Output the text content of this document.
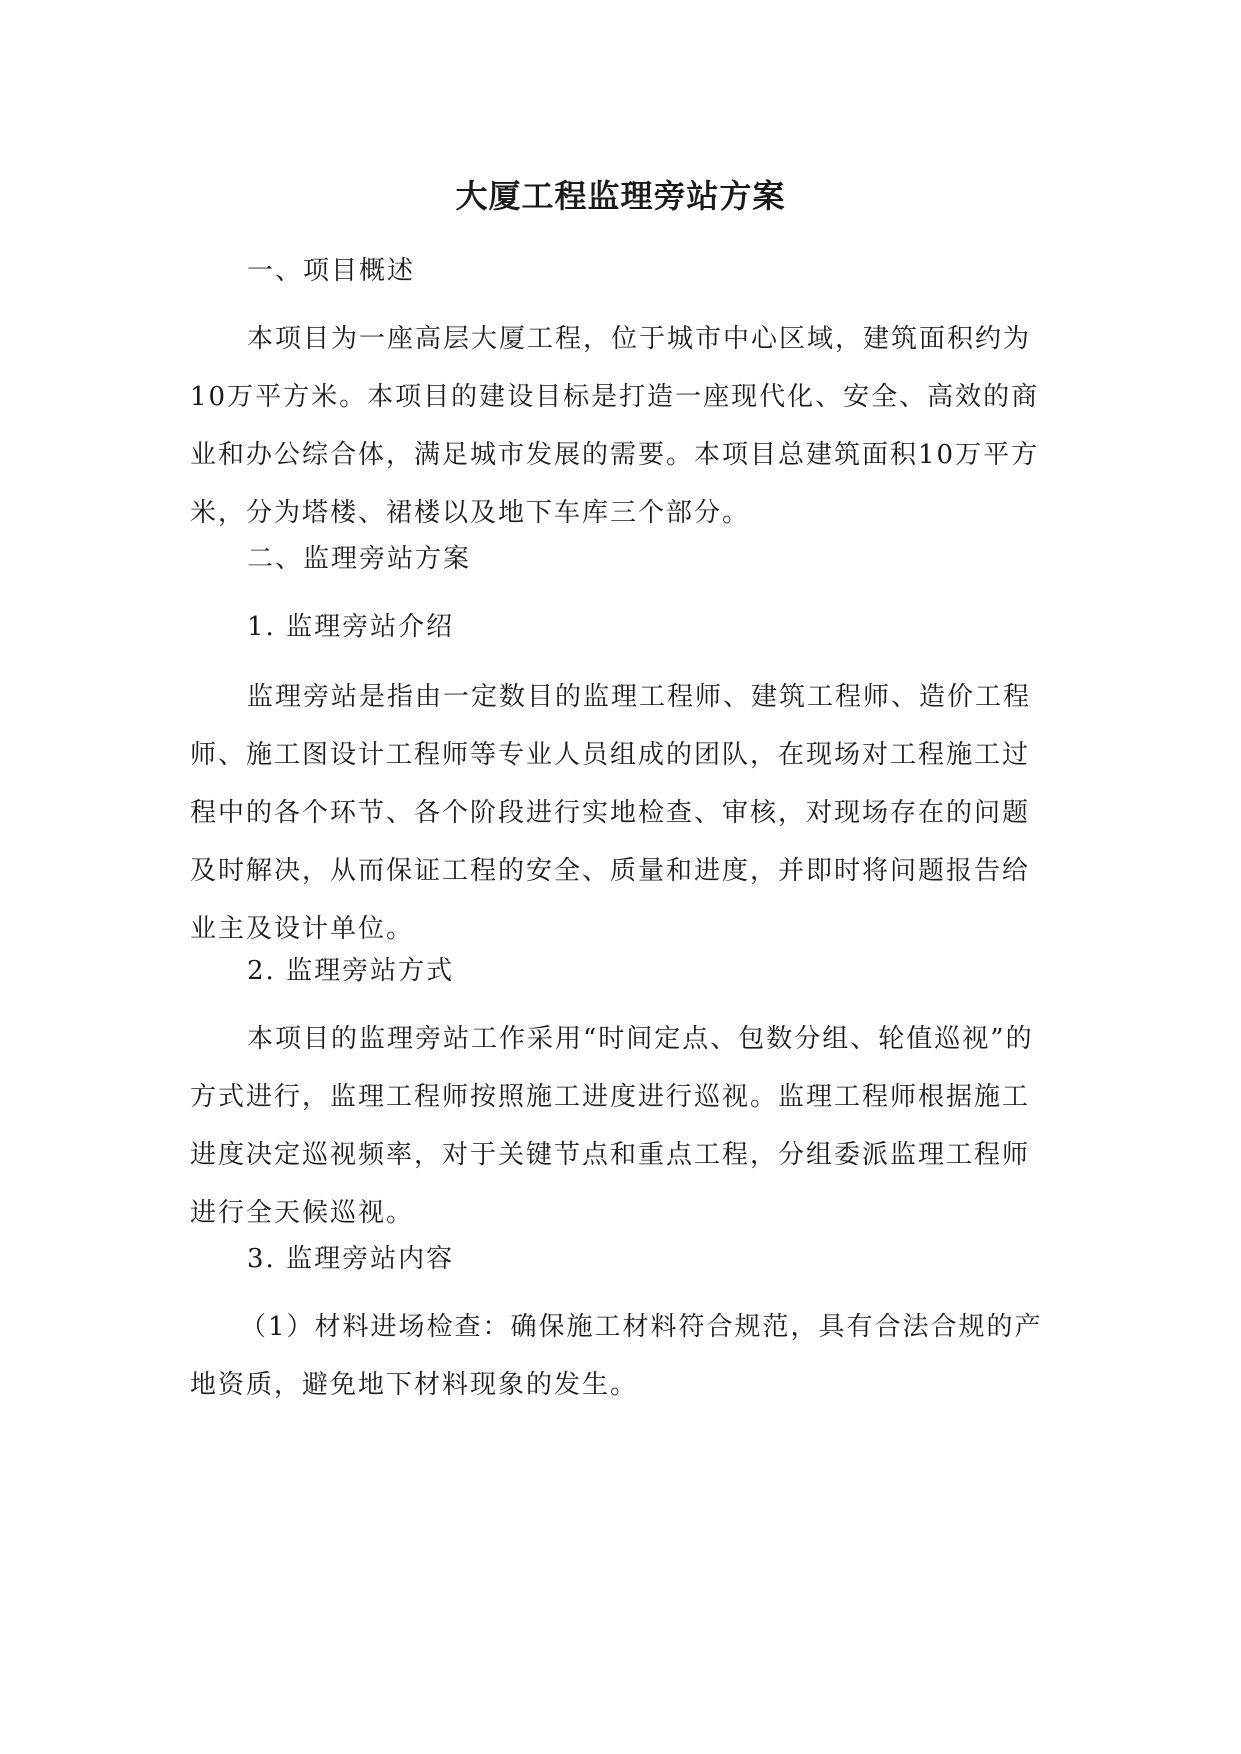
大厦工程监理旁站方案

一、项目概述

本项目为一座高层大厦工程，位于城市中心区域，建筑面积约为10万平方米。本项目的建设目标是打造一座现代化、安全、高效的商业和办公综合体，满足城市发展的需要。本项目总建筑面积10万平方米，分为塔楼、裙楼以及地下车库三个部分。

二、监理旁站方案

1. 监理旁站介绍

监理旁站是指由一定数目的监理工程师、建筑工程师、造价工程师、施工图设计工程师等专业人员组成的团队，在现场对工程施工过程中的各个环节、各个阶段进行实地检查、审核，对现场存在的问题及时解决，从而保证工程的安全、质量和进度，并即时将问题报告给业主及设计单位。

2. 监理旁站方式

本项目的监理旁站工作采用“时间定点、包数分组、轮值巡视”的方式进行，监理工程师按照施工进度进行巡视。监理工程师根据施工进度决定巡视频率，对于关键节点和重点工程，分组委派监理工程师进行全天候巡视。

3. 监理旁站内容

（1）材料进场检查：确保施工材料符合规范，具有合法合规的产地资质，避免地下材料现象的发生。
